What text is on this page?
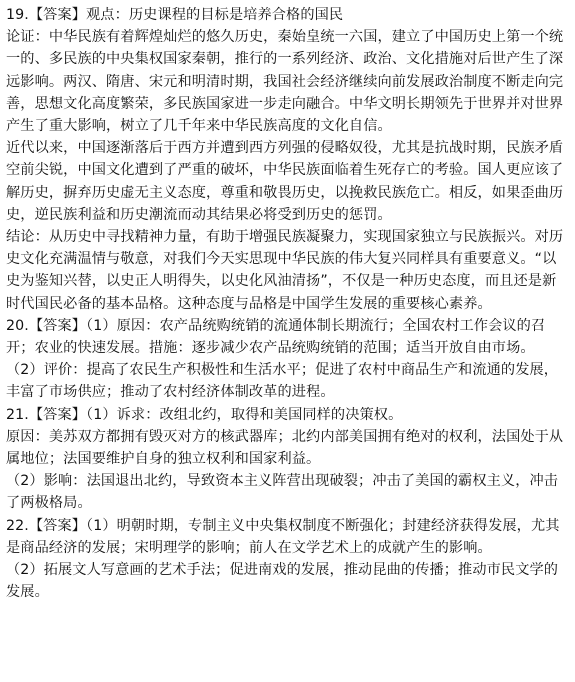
19.【答案】观点：历史课程的目标是培养合格的国民

论证：中华民族有着辉煌灿烂的悠久历史，秦始皇统一六国，建立了中国历史上第一个统一的、多民族的中央集权国家秦朝，推行的一系列经济、政治、文化措施对后世产生了深远影响。两汉、隋唐、宋元和明清时期，我国社会经济继续向前发展政治制度不断走向完善，思想文化高度繁荣，多民族国家进一步走向融合。中华文明长期领先于世界并对世界产生了重大影响，树立了几千年来中华民族高度的文化自信。

近代以来，中国逐渐落后于西方并遭到西方列强的侵略奴役，尤其是抗战时期，民族矛盾空前尖锐，中国文化遭到了严重的破坏，中华民族面临着生死存亡的考验。国人更应该了解历史，摒弃历史虚无主义态度，尊重和敬畏历史，以挽救民族危亡。相反，如果歪曲历史，逆民族利益和历史潮流而动其结果必将受到历史的惩罚。

结论：从历史中寻找精神力量，有助于增强民族凝聚力，实现国家独立与民族振兴。对历史文化充满温情与敬意，对我们今天实思现中华民族的伟大复兴同样具有重要意义。“以史为鉴知兴替，以史正人明得失，以史化风油清扬”，不仅是一种历史态度，而且还是新时代国民必备的基本品格。这种态度与品格是中国学生发展的重要核心素养。

20.【答案】（1）原因：农产品统购统销的流通体制长期流行；全国农村工作会议的召开；农业的快速发展。措施：逐步减少农产品统购统销的范围；适当开放自由市场。

（2）评价：提高了农民生产积极性和生活水平；促进了农村中商品生产和流通的发展，丰富了市场供应；推动了农村经济体制改革的进程。

21.【答案】（1）诉求：改组北约，取得和美国同样的决策权。

原因：美苏双方都拥有毁灭对方的核武器库；北约内部美国拥有绝对的权利，法国处于从属地位；法国要维护自身的独立权利和国家利益。

（2）影响：法国退出北约，导致资本主义阵营出现破裂；冲击了美国的霸权主义，冲击了两极格局。

22.【答案】（1）明朝时期，专制主义中央集权制度不断强化；封建经济获得发展，尤其是商品经济的发展；宋明理学的影响；前人在文学艺术上的成就产生的影响。

（2）拓展文人写意画的艺术手法；促进南戏的发展，推动昆曲的传播；推动市民文学的发展。
